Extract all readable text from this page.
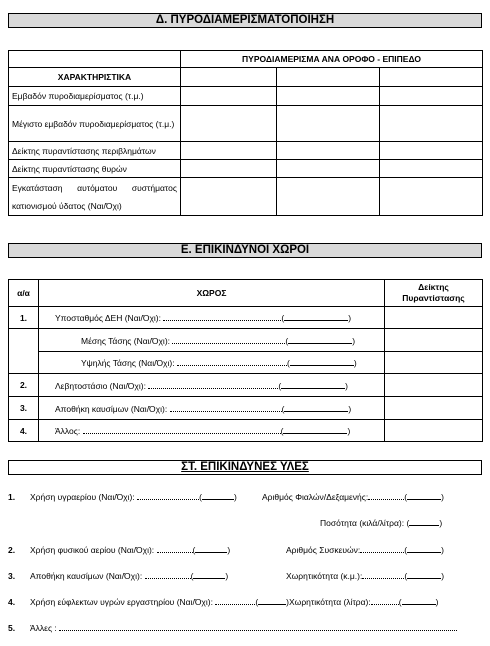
Δ. ΠΥΡΟΔΙΑΜΕΡΙΣΜΑΤΟΠΟΙΗΣΗ
	ΠΥΡΟΔΙΑΜΕΡΙΣΜΑ ΑΝΑ ΟΡΟΦΟ - ΕΠΙΠΕΔΟ		
ΧΑΡΑΚΤΗΡΙΣΤΙΚΑ			
Εμβαδόν πυροδιαμερίσματος (τ.μ.)			
Μέγιστο εμβαδόν πυροδιαμερίσματος (τ.μ.)			
Δείκτης πυραντίστασης περιβλημάτων			
Δείκτης πυραντίστασης θυρών			
Εγκατάσταση αυτόματου συστήματος κατιονισμού ύδατος (Ναι/Όχι)			
Ε. ΕΠΙΚΙΝΔΥΝΟΙ ΧΩΡΟΙ
α/α	ΧΩΡΟΣ	Δείκτης Πυραντίστασης
1.	Υποσταθμός ΔΕΗ (Ναι/Όχι): ( )	
	Μέσης Τάσης (Ναι/Όχι): ( )	
	Υψηλής Τάσης (Ναι/Όχι): ( )	
2.	Λεβητοστάσιο (Ναι/Όχι): ( )	
3.	Αποθήκη καυσίμων (Ναι/Όχι): ( )	
4.	Άλλος: ( )	
ΣΤ. ΕΠΙΚΙΝΔΥΝΕΣ ΥΛΕΣ
1. Χρήση υγραερίου (Ναι/Όχι):	(	)	Αριθμός Φιαλών/Δεξαμενής:	(	)
Ποσότητα (κιλά/λίτρα): (	)
2. Χρήση φυσικού αερίου (Ναι/Όχι):	(	)	Αριθμός Συσκευών:	(	)
3. Αποθήκη καυσίμων (Ναι/Όχι):	(	)	Χωρητικότητα (κ.μ.):	(	)
4. Χρήση εύφλεκτων υγρών εργαστηρίου (Ναι/Όχι):	(	)Χωρητικότητα (λίτρα):	(	)
5. Άλλες :
